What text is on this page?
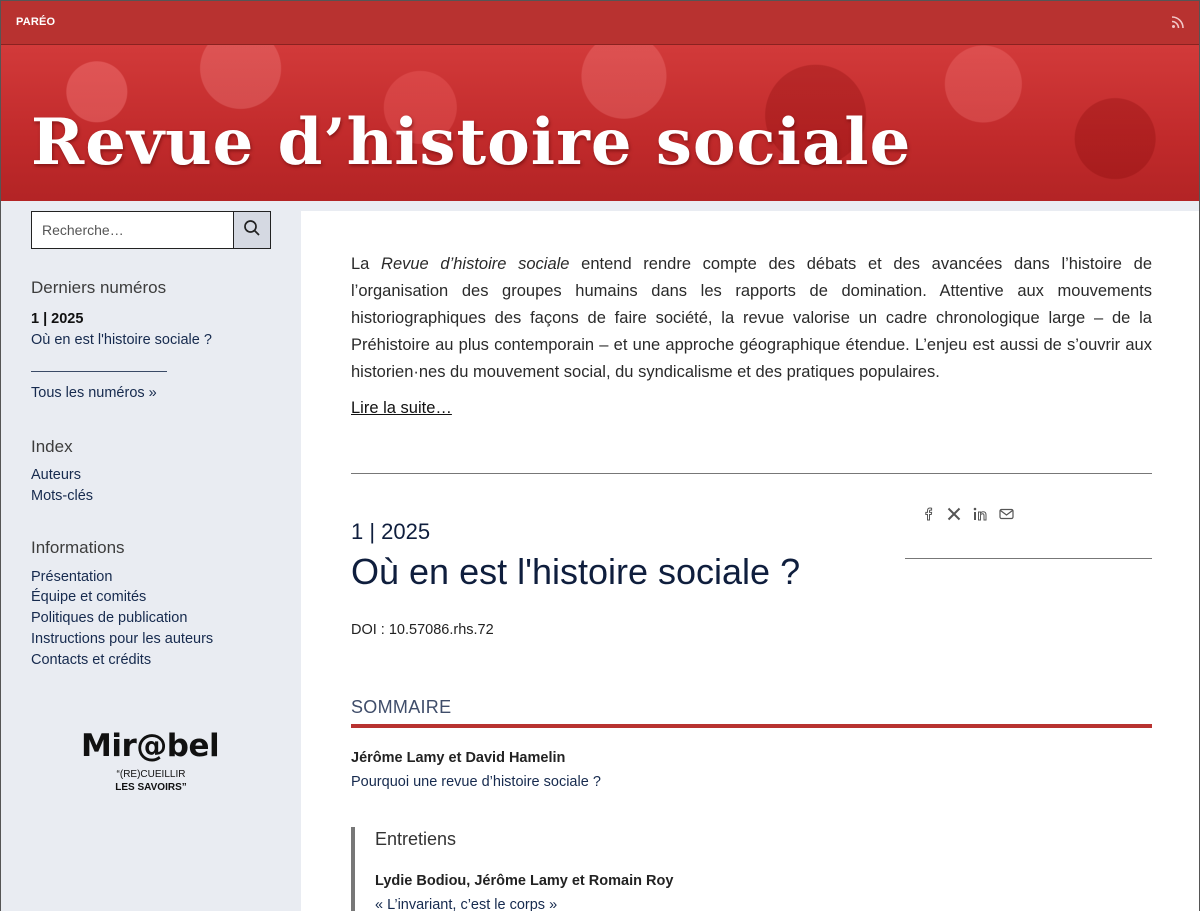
PARÉO
Revue d’histoire sociale
Recherche…
Derniers numéros
1 | 2025
Où en est l'histoire sociale ?
Tous les numéros »
Index
Auteurs
Mots-clés
Informations
Présentation
Équipe et comités
Politiques de publication
Instructions pour les auteurs
Contacts et crédits
Mir@bel
“(RE)CUEILLIR
LES SAVOIRS”

La Revue d’histoire sociale entend rendre compte des débats et des avancées dans l’histoire de l’organisation des groupes humains dans les rapports de domination. Attentive aux mouvements historiographiques des façons de faire société, la revue valorise un cadre chronologique large – de la Préhistoire au plus contemporain – et une approche géographique étendue. L’enjeu est aussi de s’ouvrir aux historien·nes du mouvement social, du syndicalisme et des pratiques populaires.

Lire la suite…
1 | 2025
Où en est l'histoire sociale ?
DOI : 10.57086.rhs.72
SOMMAIRE
Jérôme Lamy et David Hamelin
Pourquoi une revue d’histoire sociale ?
Entretiens
Lydie Bodiou, Jérôme Lamy et Romain Roy
« L’invariant, c’est le corps »
